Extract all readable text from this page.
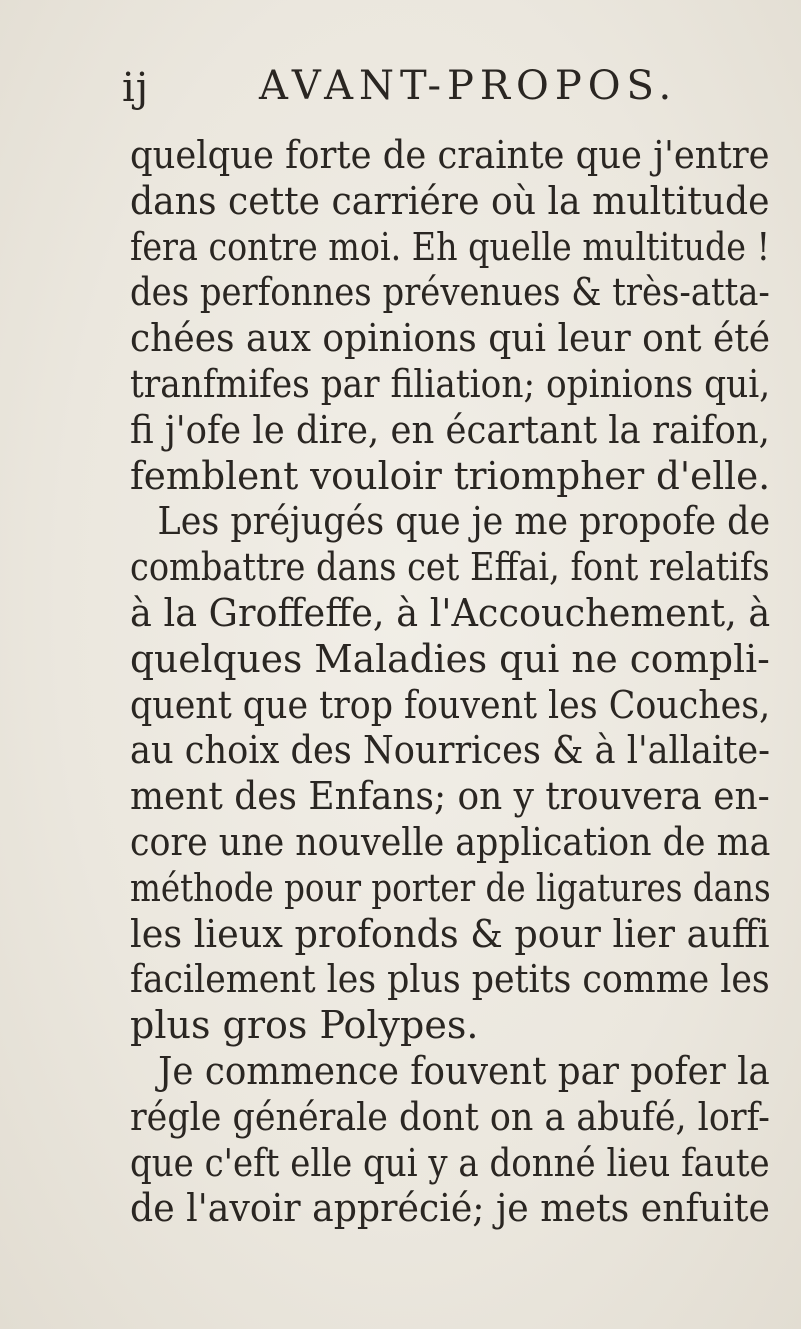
ij	AVANT-PROPOS.
quelque forte de crainte que j'entre
dans cette carriére où la multitude
fera contre moi. Eh quelle multitude !
des perfonnes prévenues & très-atta-
chées aux opinions qui leur ont été
tranfmifes par filiation; opinions qui,
fi j'ofe le dire, en écartant la raifon,
femblent vouloir triompher d'elle.
Les préjugés que je me propofe de
combattre dans cet Effai, font relatifs
à la Groffeffe, à l'Accouchement, à
quelques Maladies qui ne compli-
quent que trop fouvent les Couches,
au choix des Nourrices & à l'allaite-
ment des Enfans; on y trouvera en-
core une nouvelle application de ma
méthode pour porter de ligatures dans
les lieux profonds & pour lier auffi
facilement les plus petits comme les
plus gros Polypes.
Je commence fouvent par pofer la
régle générale dont on a abufé, lorf-
que c'eft elle qui y a donné lieu faute
de l'avoir apprécié; je mets enfuite
